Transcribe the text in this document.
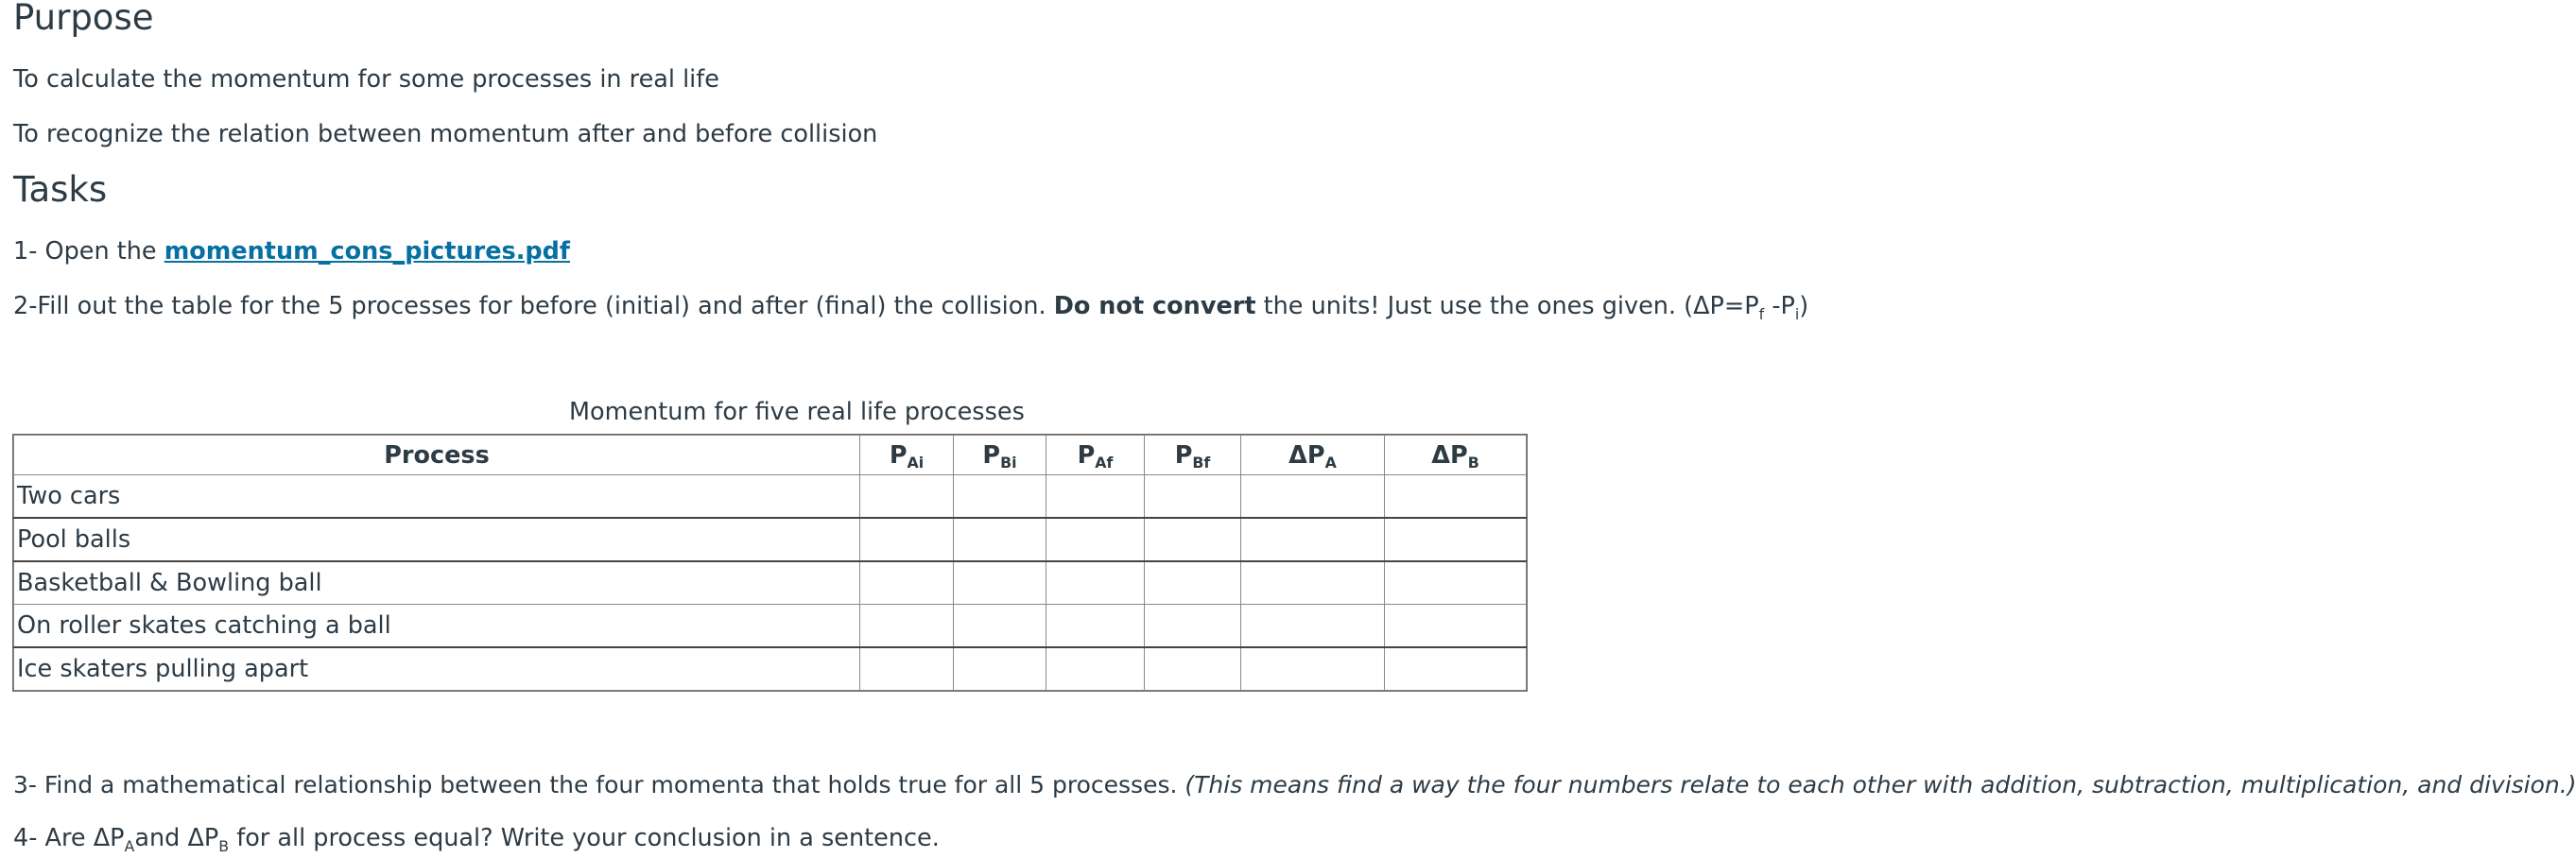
Purpose

To calculate the momentum for some processes in real life

To recognize the relation between momentum after and before collision

Tasks

1- Open the momentum_cons_pictures.pdf

2-Fill out the table for the 5 processes for before (initial) and after (final) the collision. Do not convert the units! Just use the ones given. ($\Delta P=P_f$ $-P_i$)

Momentum for five real life processes
Process	$P_{Ai}$	$P_{Bi}$	$P_{Af}$	$P_{Bf}$	$\Delta P_A$	$\Delta P_B$
Two cars						
Pool balls						
Basketball & Bowling ball						
On roller skates catching a ball						
Ice skaters pulling apart						

3- Find a mathematical relationship between the four momenta that holds true for all 5 processes. (This means find a way the four numbers relate to each other with addition, subtraction, multiplication, and division.)

4- Are $\Delta P_Aand$ $\Delta P_B$ for all process equal? Write your conclusion in a sentence.
